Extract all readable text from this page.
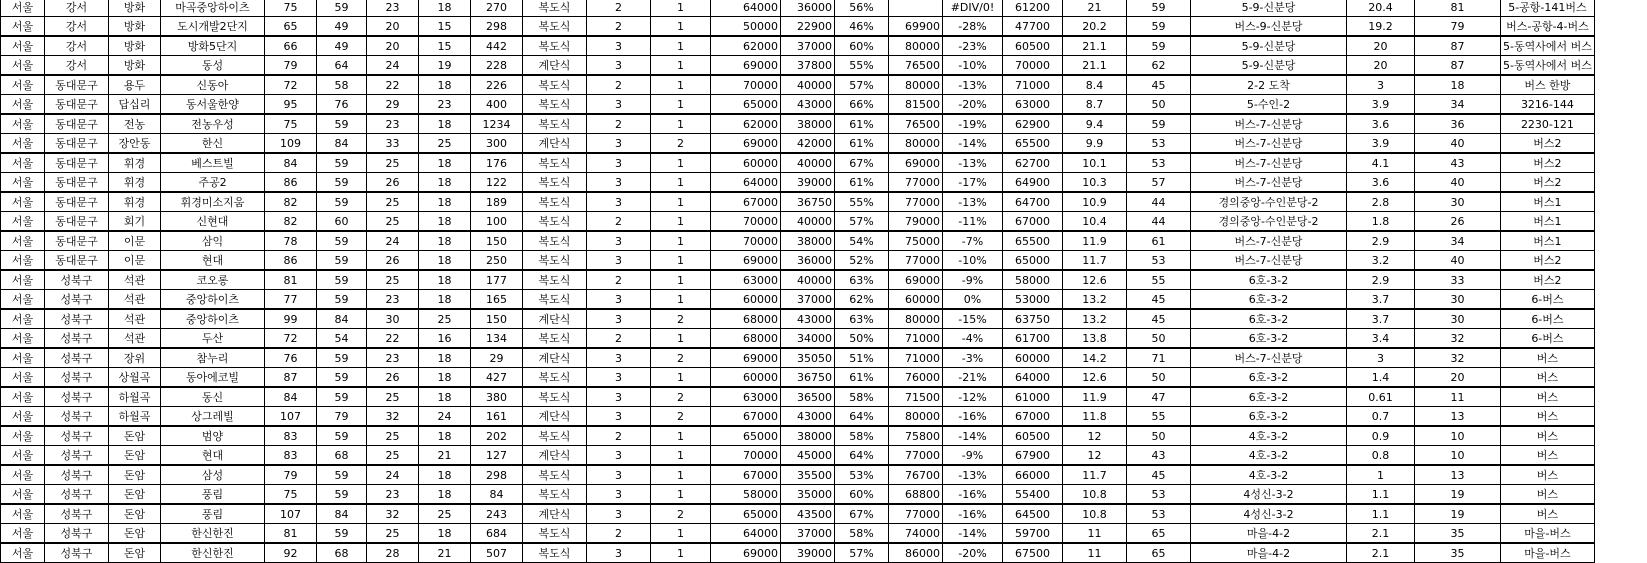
서울	강서	방화	마곡중앙하이츠	75	59	23	18	270	복도식	2	1	64000	36000	56%		#DIV/0!	61200	21	59	5-9-신분당	20.4	81	5-공항-141버스
서울	강서	방화	도시개발2단지	65	49	20	15	298	복도식	2	1	50000	22900	46%	69900	-28%	47700	20.2	59	버스-9-신분당	19.2	79	버스-공항-4-버스
서울	강서	방화	방화5단지	66	49	20	15	442	복도식	3	1	62000	37000	60%	80000	-23%	60500	21.1	59	5-9-신분당	20	87	5-동역사에서 버스
서울	강서	방화	동성	79	64	24	19	228	계단식	3	1	69000	37800	55%	76500	-10%	70000	21.1	62	5-9-신분당	20	87	5-동역사에서 버스
서울	동대문구	용두	신동아	72	58	22	18	226	복도식	2	1	70000	40000	57%	80000	-13%	71000	8.4	45	2-2 도착	3	18	버스 한방
서울	동대문구	답십리	동서울한양	95	76	29	23	400	복도식	3	1	65000	43000	66%	81500	-20%	63000	8.7	50	5-수인-2	3.9	34	3216-144
서울	동대문구	전농	전농우성	75	59	23	18	1234	복도식	2	1	62000	38000	61%	76500	-19%	62900	9.4	59	버스-7-신분당	3.6	36	2230-121
서울	동대문구	장안동	한신	109	84	33	25	300	계단식	3	2	69000	42000	61%	80000	-14%	65500	9.9	53	버스-7-신분당	3.9	40	버스2
서울	동대문구	휘경	베스트빌	84	59	25	18	176	복도식	3	1	60000	40000	67%	69000	-13%	62700	10.1	53	버스-7-신분당	4.1	43	버스2
서울	동대문구	휘경	주공2	86	59	26	18	122	복도식	3	1	64000	39000	61%	77000	-17%	64900	10.3	57	버스-7-신분당	3.6	40	버스2
서울	동대문구	휘경	휘경미소지움	82	59	25	18	189	복도식	3	1	67000	36750	55%	77000	-13%	64700	10.9	44	경의중앙-수인분당-2	2.8	30	버스1
서울	동대문구	회기	신현대	82	60	25	18	100	복도식	2	1	70000	40000	57%	79000	-11%	67000	10.4	44	경의중앙-수인분당-2	1.8	26	버스1
서울	동대문구	이문	삼익	78	59	24	18	150	복도식	3	1	70000	38000	54%	75000	-7%	65500	11.9	61	버스-7-신분당	2.9	34	버스1
서울	동대문구	이문	현대	86	59	26	18	250	복도식	3	1	69000	36000	52%	77000	-10%	65000	11.7	53	버스-7-신분당	3.2	40	버스2
서울	성북구	석관	코오롱	81	59	25	18	177	복도식	2	1	63000	40000	63%	69000	-9%	58000	12.6	55	6호-3-2	2.9	33	버스2
서울	성북구	석관	중앙하이츠	77	59	23	18	165	복도식	3	1	60000	37000	62%	60000	0%	53000	13.2	45	6호-3-2	3.7	30	6-버스
서울	성북구	석관	중앙하이츠	99	84	30	25	150	계단식	3	2	68000	43000	63%	80000	-15%	63750	13.2	45	6호-3-2	3.7	30	6-버스
서울	성북구	석관	두산	72	54	22	16	134	복도식	2	1	68000	34000	50%	71000	-4%	61700	13.8	50	6호-3-2	3.4	32	6-버스
서울	성북구	장위	참누리	76	59	23	18	29	계단식	3	2	69000	35050	51%	71000	-3%	60000	14.2	71	버스-7-신분당	3	32	버스
서울	성북구	상월곡	동아에코빌	87	59	26	18	427	복도식	3	1	60000	36750	61%	76000	-21%	64000	12.6	50	6호-3-2	1.4	20	버스
서울	성북구	하월곡	동신	84	59	25	18	380	복도식	3	2	63000	36500	58%	71500	-12%	61000	11.9	47	6호-3-2	0.61	11	버스
서울	성북구	하월곡	상그레빌	107	79	32	24	161	계단식	3	2	67000	43000	64%	80000	-16%	67000	11.8	55	6호-3-2	0.7	13	버스
서울	성북구	돈암	범양	83	59	25	18	202	복도식	2	1	65000	38000	58%	75800	-14%	60500	12	50	4호-3-2	0.9	10	버스
서울	성북구	돈암	현대	83	68	25	21	127	계단식	3	1	70000	45000	64%	77000	-9%	67900	12	43	4호-3-2	0.8	10	버스
서울	성북구	돈암	삼성	79	59	24	18	298	복도식	3	1	67000	35500	53%	76700	-13%	66000	11.7	45	4호-3-2	1	13	버스
서울	성북구	돈암	풍림	75	59	23	18	84	복도식	3	1	58000	35000	60%	68800	-16%	55400	10.8	53	4성신-3-2	1.1	19	버스
서울	성북구	돈암	풍림	107	84	32	25	243	계단식	3	2	65000	43500	67%	77000	-16%	64500	10.8	53	4성신-3-2	1.1	19	버스
서울	성북구	돈암	한신한진	81	59	25	18	684	복도식	2	1	64000	37000	58%	74000	-14%	59700	11	65	마을-4-2	2.1	35	마을-버스
서울	성북구	돈암	한신한진	92	68	28	21	507	복도식	3	1	69000	39000	57%	86000	-20%	67500	11	65	마을-4-2	2.1	35	마을-버스
